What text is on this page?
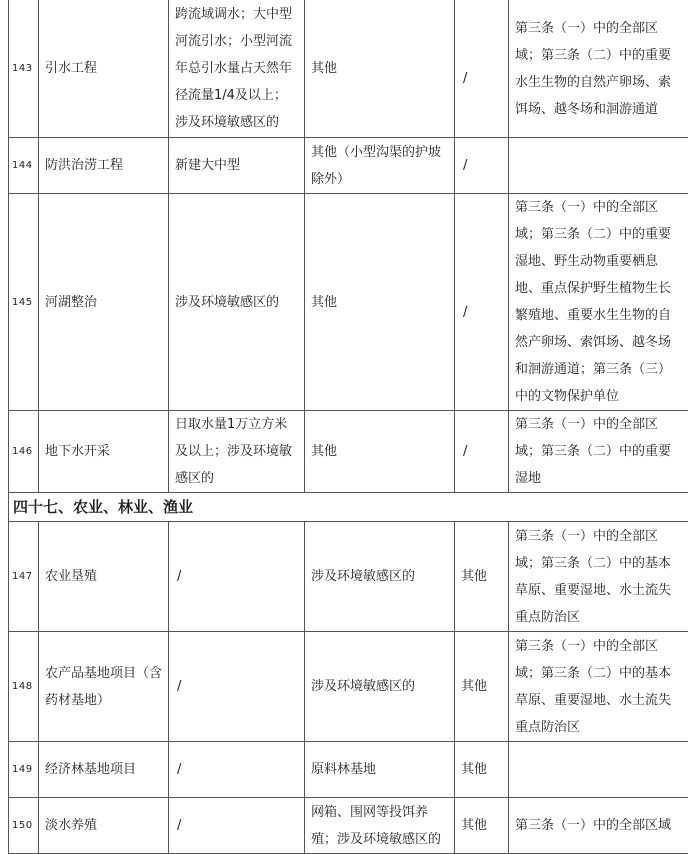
143	引水工程	跨流域调水；大中型河流引水；小型河流年总引水量占天然年径流量1/4及以上；涉及环境敏感区的	其他	/	第三条（一）中的全部区域；第三条（二）中的重要水生生物的自然产卵场、索饵场、越冬场和洄游通道
144	防洪治涝工程	新建大中型	其他（小型沟渠的护坡除外）	/	
145	河湖整治	涉及环境敏感区的	其他	/	第三条（一）中的全部区域；第三条（二）中的重要湿地、野生动物重要栖息地、重点保护野生植物生长繁殖地、重要水生生物的自然产卵场、索饵场、越冬场和洄游通道；第三条（三）中的文物保护单位
146	地下水开采	日取水量1万立方米及以上；涉及环境敏感区的	其他	/	第三条（一）中的全部区域；第三条（二）中的重要湿地
四十七、农业、林业、渔业					
147	农业垦殖	/	涉及环境敏感区的	其他	第三条（一）中的全部区域；第三条（二）中的基本草原、重要湿地、水土流失重点防治区
148	农产品基地项目（含药材基地）	/	涉及环境敏感区的	其他	第三条（一）中的全部区域；第三条（二）中的基本草原、重要湿地、水土流失重点防治区
149	经济林基地项目	/	原料林基地	其他	
150	淡水养殖	/	网箱、围网等投饵养殖；涉及环境敏感区的	其他	第三条（一）中的全部区域
